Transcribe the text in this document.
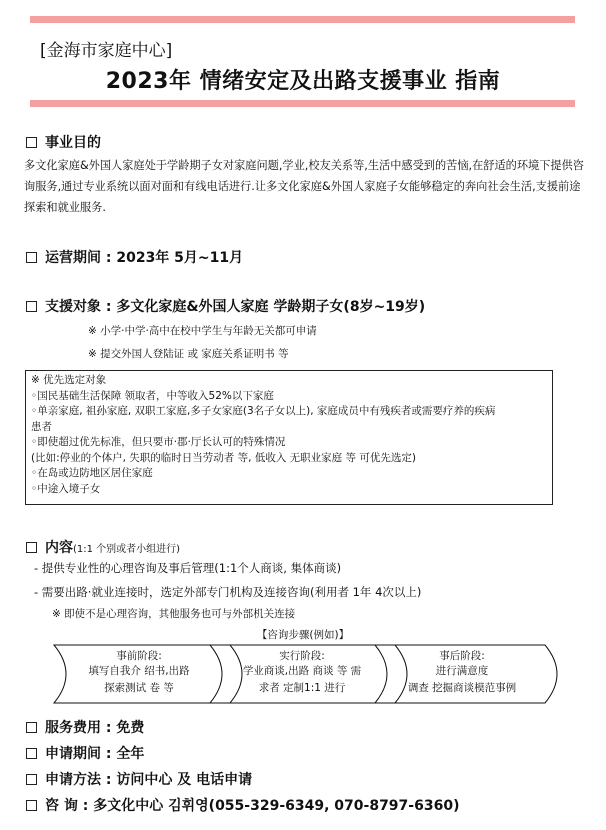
[金海市家庭中心]
2023年 情绪安定及出路支援事业 指南
事业目的
多文化家庭&外国人家庭处于学龄期子女对家庭问题,学业,校友关系等,生活中感受到的苦恼,在舒适的环境下提供咨询服务,通过专业系统以面对面和有线电话进行.让多文化家庭&外国人家庭子女能够稳定的奔向社会生活,支援前途探索和就业服务.
运营期间 : 2023年 5月~11月
支援对象 : 多文化家庭&外国人家庭 学龄期子女(8岁~19岁)
※ 小学·中学·高中在校中学生与年龄无关都可申请
※ 提交外国人登陆证 或 家庭关系证明书 等
※ 优先选定对象
◦国民基础生活保障 领取者，中等收入52%以下家庭
◦单亲家庭, 祖孙家庭, 双职工家庭,多子女家庭(3名子女以上), 家庭成员中有残疾者或需要疗养的疾病
患者
◦即使超过优先标准，但只要市·郡·厅长认可的特殊情况
(比如:停业的个体户, 失职的临时日当劳动者 等, 低收入 无职业家庭 等 可优先选定)
◦在岛或边防地区居住家庭
◦中途入境子女
内容(1:1 个别或者小组进行)
- 提供专业性的心理咨询及事后管理(1:1个人商谈, 集体商谈)
- 需要出路·就业连接时，选定外部专门机构及连接咨询(利用者 1年 4次以上)
※ 即使不是心理咨询，其他服务也可与外部机关连接
【咨询步骤(例如)】
事前阶段:
填写自我介 绍书,出路
探索测试 卷 等
实行阶段:
学业商谈,出路 商谈 等 需
求者 定制1:1 进行
事后阶段:
进行满意度
调查 挖掘商谈模范事例
服务费用 : 免费
申请期间 : 全年
申请方法 : 访问中心 及 电话申请
咨 询 : 多文化中心 김휘영(055-329-6349, 070-8797-6360)
